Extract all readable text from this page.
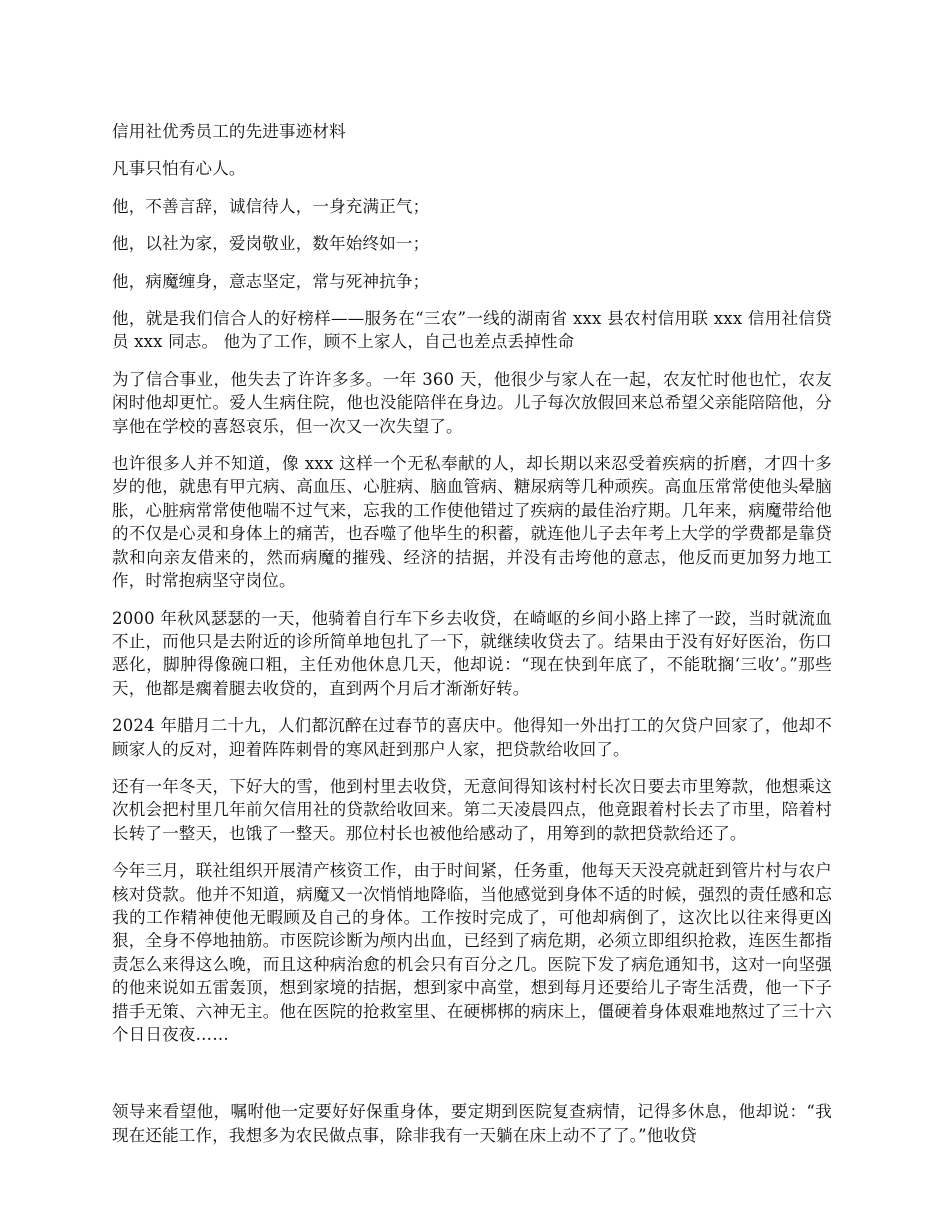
信用社优秀员工的先进事迹材料

凡事只怕有心人。

他，不善言辞，诚信待人，一身充满正气；

他，以社为家，爱岗敬业，数年始终如一；

他，病魔缠身，意志坚定，常与死神抗争；

他，就是我们信合人的好榜样——服务在“三农”一线的湖南省 xxx 县农村信用联 xxx 信用社信贷员 xxx 同志。 他为了工作，顾不上家人，自己也差点丢掉性命

为了信合事业，他失去了许许多多。一年 360 天，他很少与家人在一起，农友忙时他也忙，农友闲时他却更忙。爱人生病住院，他也没能陪伴在身边。儿子每次放假回来总希望父亲能陪陪他，分享他在学校的喜怒哀乐，但一次又一次失望了。

也许很多人并不知道，像 xxx 这样一个无私奉献的人，却长期以来忍受着疾病的折磨，才四十多岁的他，就患有甲亢病、高血压、心脏病、脑血管病、糖尿病等几种顽疾。高血压常常使他头晕脑胀，心脏病常常使他喘不过气来，忘我的工作使他错过了疾病的最佳治疗期。几年来，病魔带给他的不仅是心灵和身体上的痛苦，也吞噬了他毕生的积蓄，就连他儿子去年考上大学的学费都是靠贷款和向亲友借来的，然而病魔的摧残、经济的拮据，并没有击垮他的意志，他反而更加努力地工作，时常抱病坚守岗位。

2000 年秋风瑟瑟的一天，他骑着自行车下乡去收贷，在崎岖的乡间小路上摔了一跤，当时就流血不止，而他只是去附近的诊所简单地包扎了一下，就继续收贷去了。结果由于没有好好医治，伤口恶化，脚肿得像碗口粗，主任劝他休息几天，他却说：“现在快到年底了，不能耽搁‘三收’。”那些天，他都是瘸着腿去收贷的，直到两个月后才渐渐好转。

2024 年腊月二十九，人们都沉醉在过春节的喜庆中。他得知一外出打工的欠贷户回家了，他却不顾家人的反对，迎着阵阵刺骨的寒风赶到那户人家，把贷款给收回了。

还有一年冬天，下好大的雪，他到村里去收贷，无意间得知该村村长次日要去市里筹款，他想乘这次机会把村里几年前欠信用社的贷款给收回来。第二天凌晨四点，他竟跟着村长去了市里，陪着村长转了一整天，也饿了一整天。那位村长也被他给感动了，用筹到的款把贷款给还了。

今年三月，联社组织开展清产核资工作，由于时间紧，任务重，他每天天没亮就赶到管片村与农户核对贷款。他并不知道，病魔又一次悄悄地降临，当他感觉到身体不适的时候，强烈的责任感和忘我的工作精神使他无暇顾及自己的身体。工作按时完成了，可他却病倒了，这次比以往来得更凶狠，全身不停地抽筋。市医院诊断为颅内出血，已经到了病危期，必须立即组织抢救，连医生都指责怎么来得这么晚，而且这种病治愈的机会只有百分之几。医院下发了病危通知书，这对一向坚强的他来说如五雷轰顶，想到家境的拮据，想到家中高堂，想到每月还要给儿子寄生活费，他一下子措手无策、六神无主。他在医院的抢救室里、在硬梆梆的病床上，僵硬着身体艰难地熬过了三十六个日日夜夜……

领导来看望他，嘱咐他一定要好好保重身体，要定期到医院复查病情，记得多休息，他却说：“我现在还能工作，我想多为农民做点事，除非我有一天躺在床上动不了了。”他收贷
